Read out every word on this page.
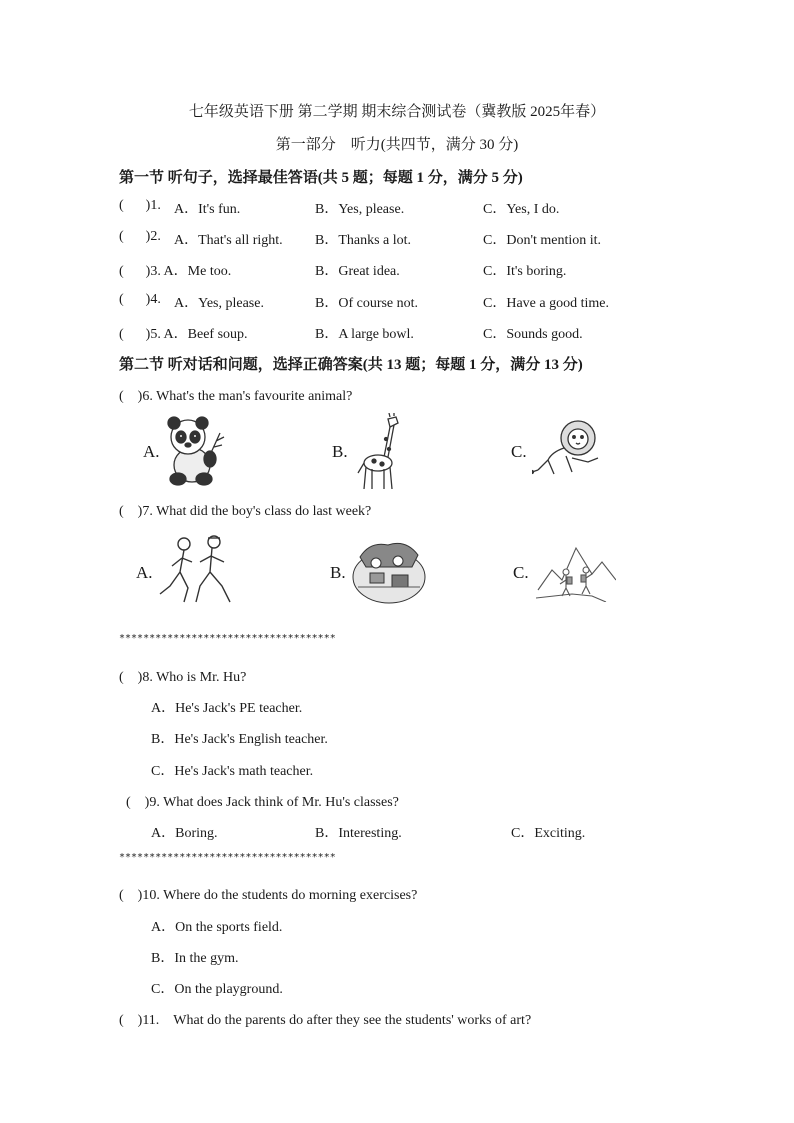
七年级英语下册 第二学期 期末综合测试卷（冀教版 2025年春）
第一部分　听力(共四节，满分 30 分)
第一节 听句子，选择最佳答语(共 5 题；每题 1 分，满分 5 分)
( )1. A．It's fun.	B．Yes, please.	C．Yes, I do.
( )2. A．That's all right. B．Thanks a lot.	C．Don't mention it.
( )3. A．Me too.	B．Great idea.	C．It's boring.
( )4. A．Yes, please.	B．Of course not.	C．Have a good time.
( )5. A．Beef soup.	B．A large bowl.	C．Sounds good.
第二节 听对话和问题，选择正确答案(共 13 题；每题 1 分，满分 13 分)
(　)6. What's the man's favourite animal?
A.	B.	C.
(　)7. What did the boy's class do last week?
A.	B.	C.
************************************
(　)8. Who is Mr. Hu?
A．He's Jack's PE teacher.
B．He's Jack's English teacher.
C．He's Jack's math teacher.
(　)9. What does Jack think of Mr. Hu's classes?
A．Boring.	B．Interesting.	C．Exciting.
************************************
(　)10. Where do the students do morning exercises?
A．On the sports field.
B．In the gym.
C．On the playground.
(　)11.　What do the parents do after they see the students' works of art?
